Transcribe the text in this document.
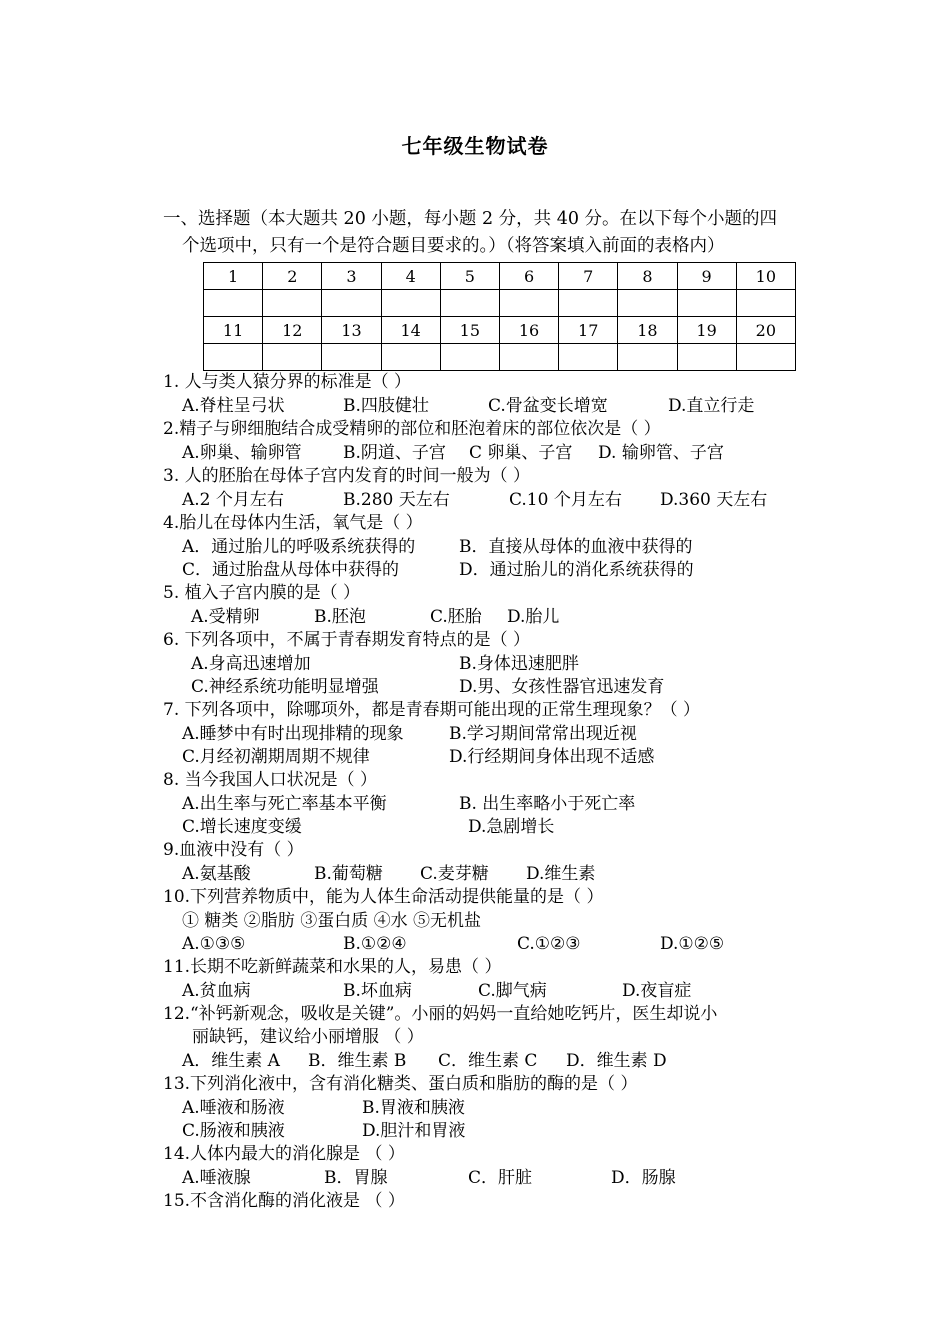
七年级生物试卷
一、选择题（本大题共 20 小题，每小题 2 分，共 40 分。在以下每个小题的四
个选项中，只有一个是符合题目要求的。）（将答案填入前面的表格内）
1	2	3	4	5	6	7	8	9	10

11	12	13	14	15	16	17	18	19	20

1. 人与类人猿分界的标准是（ ）
A.脊柱呈弓状	B.四肢健壮	C.骨盆变长增宽	D.直立行走
2.精子与卵细胞结合成受精卵的部位和胚泡着床的部位依次是（ ）
A.卵巢、输卵管 B.阴道、子宫 C 卵巢、子宫 D. 输卵管、子宫
3. 人的胚胎在母体子宫内发育的时间一般为（ ）
A.2 个月左右	B.280 天左右	C.10 个月左右 D.360 天左右
4.胎儿在母体内生活，氧气是（ ）
A．通过胎儿的呼吸系统获得的	B．直接从母体的血液中获得的
C．通过胎盘从母体中获得的	D．通过胎儿的消化系统获得的
5. 植入子宫内膜的是（ ）
A.受精卵	B.胚泡	C.胚胎 D.胎儿
6. 下列各项中，不属于青春期发育特点的是（ ）
A.身高迅速增加	B.身体迅速肥胖
C.神经系统功能明显增强	D.男、女孩性器官迅速发育
7. 下列各项中，除哪项外，都是青春期可能出现的正常生理现象？（ ）
A.睡梦中有时出现排精的现象	B.学习期间常常出现近视
C.月经初潮期周期不规律	D.行经期间身体出现不适感
8. 当今我国人口状况是（ ）
A.出生率与死亡率基本平衡	B. 出生率略小于死亡率
C.增长速度变缓	D.急剧增长
9.血液中没有（ ）
A.氨基酸	B.葡萄糖 C.麦芽糖 D.维生素
10.下列营养物质中，能为人体生命活动提供能量的是（ ）
① 糖类 ②脂肪 ③蛋白质 ④水 ⑤无机盐
A.①③⑤	B.①②④	C.①②③	D.①②⑤
11.长期不吃新鲜蔬菜和水果的人，易患（ ）
A.贫血病	B.坏血病	C.脚气病	D.夜盲症
12.“补钙新观念，吸收是关键”。小丽的妈妈一直给她吃钙片，医生却说小
丽缺钙，建议给小丽增服 （ ）
A．维生素 A B．维生素 B C．维生素 C D．维生素 D
13.下列消化液中，含有消化糖类、蛋白质和脂肪的酶的是（ ）
A.唾液和肠液	B.胃液和胰液
C.肠液和胰液	D.胆汁和胃液
14.人体内最大的消化腺是 （ ）
A.唾液腺	B．胃腺	C．肝脏	D．肠腺
15.不含消化酶的消化液是 （ ）
